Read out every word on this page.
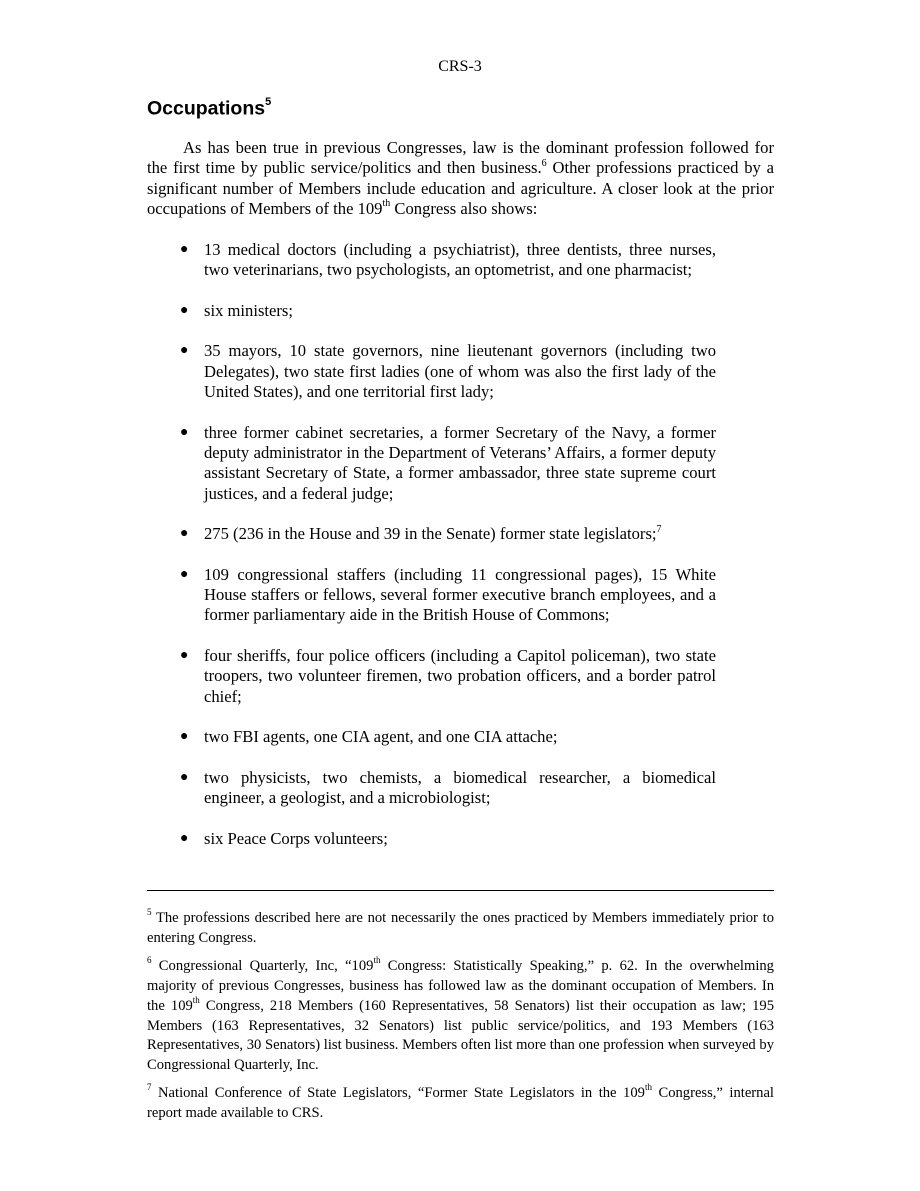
CRS-3
Occupations$^5$

As has been true in previous Congresses, law is the dominant profession followed for the first time by public service/politics and then business.$^6$ Other professions practiced by a significant number of Members include education and agriculture. A closer look at the prior occupations of Members of the 109th Congress also shows:

● 13 medical doctors (including a psychiatrist), three dentists, three nurses, two veterinarians, two psychologists, an optometrist, and one pharmacist;
● six ministers;
● 35 mayors, 10 state governors, nine lieutenant governors (including two Delegates), two state first ladies (one of whom was also the first lady of the United States), and one territorial first lady;
● three former cabinet secretaries, a former Secretary of the Navy, a former deputy administrator in the Department of Veterans’ Affairs, a former deputy assistant Secretary of State, a former ambassador, three state supreme court justices, and a federal judge;
● 275 (236 in the House and 39 in the Senate) former state legislators;$^7$
● 109 congressional staffers (including 11 congressional pages), 15 White House staffers or fellows, several former executive branch employees, and a former parliamentary aide in the British House of Commons;
● four sheriffs, four police officers (including a Capitol policeman), two state troopers, two volunteer firemen, two probation officers, and a border patrol chief;
● two FBI agents, one CIA agent, and one CIA attache;
● two physicists, two chemists, a biomedical researcher, a biomedical engineer, a geologist, and a microbiologist;
● six Peace Corps volunteers;

$^5$ The professions described here are not necessarily the ones practiced by Members immediately prior to entering Congress.

$^6$ Congressional Quarterly, Inc, “109th Congress: Statistically Speaking,” p. 62. In the overwhelming majority of previous Congresses, business has followed law as the dominant occupation of Members. In the 109th Congress, 218 Members (160 Representatives, 58 Senators) list their occupation as law; 195 Members (163 Representatives, 32 Senators) list public service/politics, and 193 Members (163 Representatives, 30 Senators) list business. Members often list more than one profession when surveyed by Congressional Quarterly, Inc.

$^7$ National Conference of State Legislators, “Former State Legislators in the 109th Congress,” internal report made available to CRS.
